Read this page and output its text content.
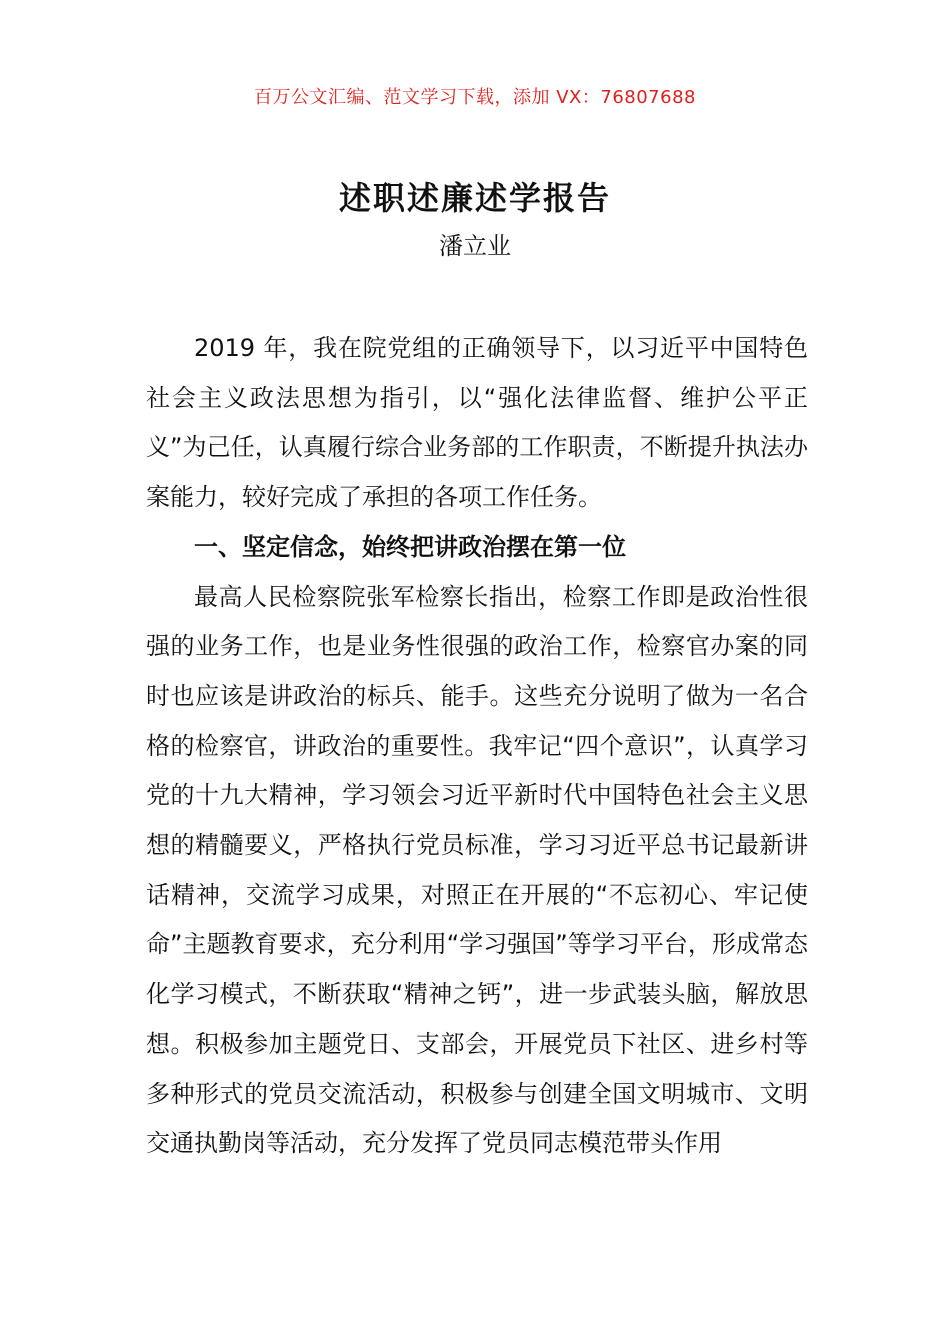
百万公文汇编、范文学习下载，添加 VX：76807688
述职述廉述学报告
潘立业

2019 年，我在院党组的正确领导下，以习近平中国特色社会主义政法思想为指引，以“强化法律监督、维护公平正义”为己任，认真履行综合业务部的工作职责，不断提升执法办案能力，较好完成了承担的各项工作任务。

一、坚定信念，始终把讲政治摆在第一位

最高人民检察院张军检察长指出，检察工作即是政治性很强的业务工作，也是业务性很强的政治工作，检察官办案的同时也应该是讲政治的标兵、能手。这些充分说明了做为一名合格的检察官，讲政治的重要性。我牢记“四个意识”，认真学习党的十九大精神，学习领会习近平新时代中国特色社会主义思想的精髓要义，严格执行党员标准，学习习近平总书记最新讲话精神，交流学习成果，对照正在开展的“不忘初心、牢记使命”主题教育要求，充分利用“学习强国”等学习平台，形成常态化学习模式，不断获取“精神之钙”，进一步武装头脑，解放思想。积极参加主题党日、支部会，开展党员下社区、进乡村等多种形式的党员交流活动，积极参与创建全国文明城市、文明交通执勤岗等活动，充分发挥了党员同志模范带头作用
